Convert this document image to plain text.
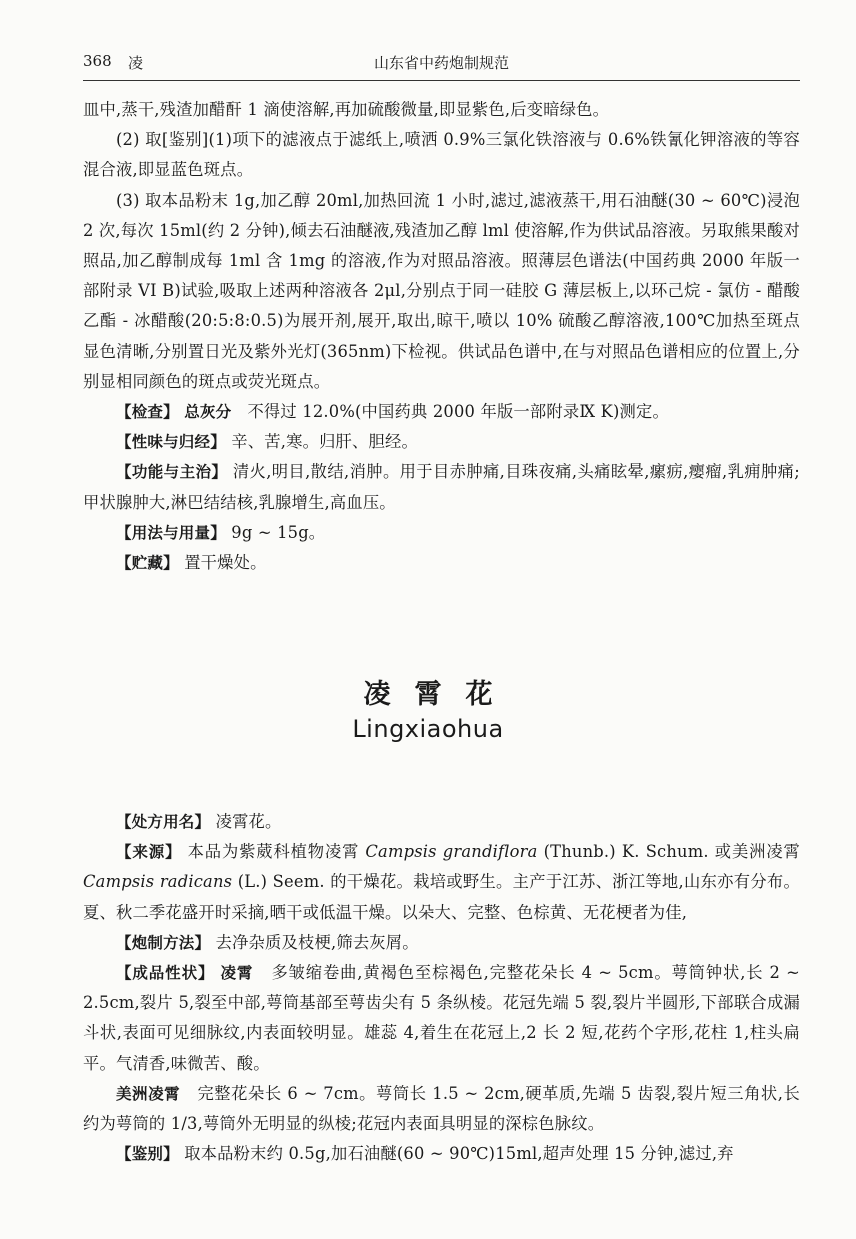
山东省中药炮制规范
368 凌

皿中,蒸干,残渣加醋酐 1 滴使溶解,再加硫酸微量,即显紫色,后变暗绿色。

(2) 取[鉴别](1)项下的滤液点于滤纸上,喷洒 0.9%三氯化铁溶液与 0.6%铁氰化钾溶液的等容混合液,即显蓝色斑点。

(3) 取本品粉末 1g,加乙醇 20ml,加热回流 1 小时,滤过,滤液蒸干,用石油醚(30 ~ 60℃)浸泡 2 次,每次 15ml(约 2 分钟),倾去石油醚液,残渣加乙醇 lml 使溶解,作为供试品溶液。另取熊果酸对照品,加乙醇制成每 1ml 含 1mg 的溶液,作为对照品溶液。照薄层色谱法(中国药典 2000 年版一部附录 VI B)试验,吸取上述两种溶液各 2μl,分别点于同一硅胶 G 薄层板上,以环己烷 - 氯仿 - 醋酸乙酯 - 冰醋酸(20:5:8:0.5)为展开剂,展开,取出,晾干,喷以 10% 硫酸乙醇溶液,100℃加热至斑点显色清晰,分别置日光及紫外光灯(365nm)下检视。供试品色谱中,在与对照品色谱相应的位置上,分别显相同颜色的斑点或荧光斑点。

【检查】 总灰分 不得过 12.0%(中国药典 2000 年版一部附录Ⅸ K)测定。

【性味与归经】 辛、苦,寒。归肝、胆经。

【功能与主治】 清火,明目,散结,消肿。用于目赤肿痛,目珠夜痛,头痛眩晕,瘰疬,瘿瘤,乳痈肿痛;甲状腺肿大,淋巴结结核,乳腺增生,高血压。

【用法与用量】 9g ~ 15g。

【贮藏】 置干燥处。

凌霄花
Lingxiaohua

【处方用名】 凌霄花。

【来源】 本品为紫葳科植物凌霄 Campsis grandiflora (Thunb.) K. Schum. 或美洲凌霄 Campsis radicans (L.) Seem. 的干燥花。栽培或野生。主产于江苏、浙江等地,山东亦有分布。夏、秋二季花盛开时采摘,晒干或低温干燥。以朵大、完整、色棕黄、无花梗者为佳,

【炮制方法】 去净杂质及枝梗,筛去灰屑。

【成品性状】 凌霄 多皱缩卷曲,黄褐色至棕褐色,完整花朵长 4 ~ 5cm。萼筒钟状,长 2 ~ 2.5cm,裂片 5,裂至中部,萼筒基部至萼齿尖有 5 条纵棱。花冠先端 5 裂,裂片半圆形,下部联合成漏斗状,表面可见细脉纹,内表面较明显。雄蕊 4,着生在花冠上,2 长 2 短,花药个字形,花柱 1,柱头扁平。气清香,味微苦、酸。

美洲凌霄 完整花朵长 6 ~ 7cm。萼筒长 1.5 ~ 2cm,硬革质,先端 5 齿裂,裂片短三角状,长约为萼筒的 1/3,萼筒外无明显的纵棱;花冠内表面具明显的深棕色脉纹。

【鉴别】 取本品粉末约 0.5g,加石油醚(60 ~ 90℃)15ml,超声处理 15 分钟,滤过,弃
